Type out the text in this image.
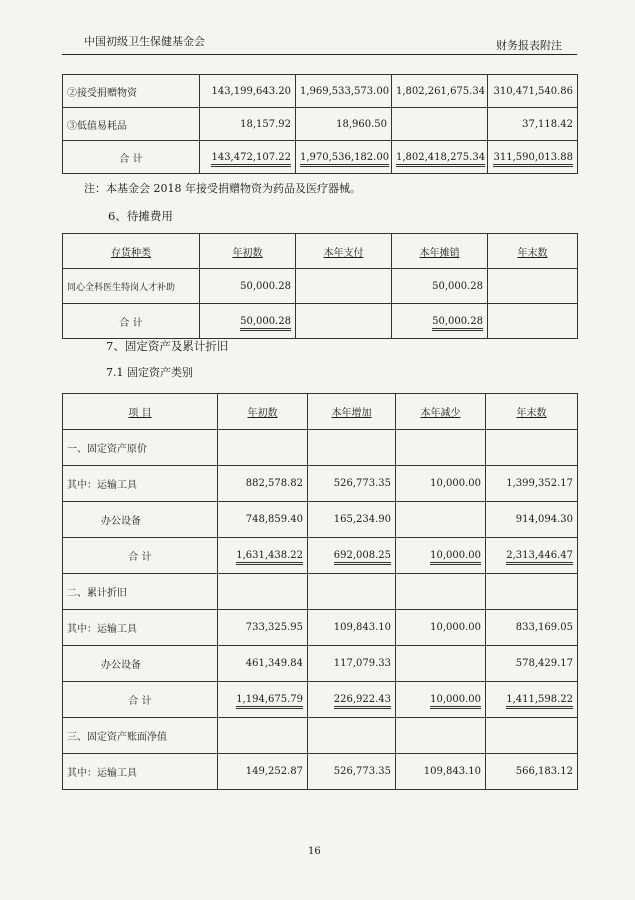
中国初级卫生保健基金会	财务报表附注
②接受捐赠物资	143,199,643.20	1,969,533,573.00	1,802,261,675.34	310,471,540.86
③低值易耗品	18,157.92	18,960.50		37,118.42
合 计	143,472,107.22	1,970,536,182.00	1,802,418,275.34	311,590,013.88
注：本基金会 2018 年接受捐赠物资为药品及医疗器械。
6、待摊费用
存货种类	年初数	本年支付	本年摊销	年末数
同心全科医生特岗人才补助	50,000.28		50,000.28	
合 计	50,000.28		50,000.28	
7、固定资产及累计折旧
7.1 固定资产类别
项 目	年初数	本年增加	本年减少	年末数
一、固定资产原价				
其中：运输工具	882,578.82	526,773.35	10,000.00	1,399,352.17
办公设备	748,859.40	165,234.90		914,094.30
合 计	1,631,438.22	692,008.25	10,000.00	2,313,446.47
二、累计折旧				
其中：运输工具	733,325.95	109,843.10	10,000.00	833,169.05
办公设备	461,349.84	117,079.33		578,429.17
合 计	1,194,675.79	226,922.43	10,000.00	1,411,598.22
三、固定资产账面净值				
其中：运输工具	149,252.87	526,773.35	109,843.10	566,183.12
16
